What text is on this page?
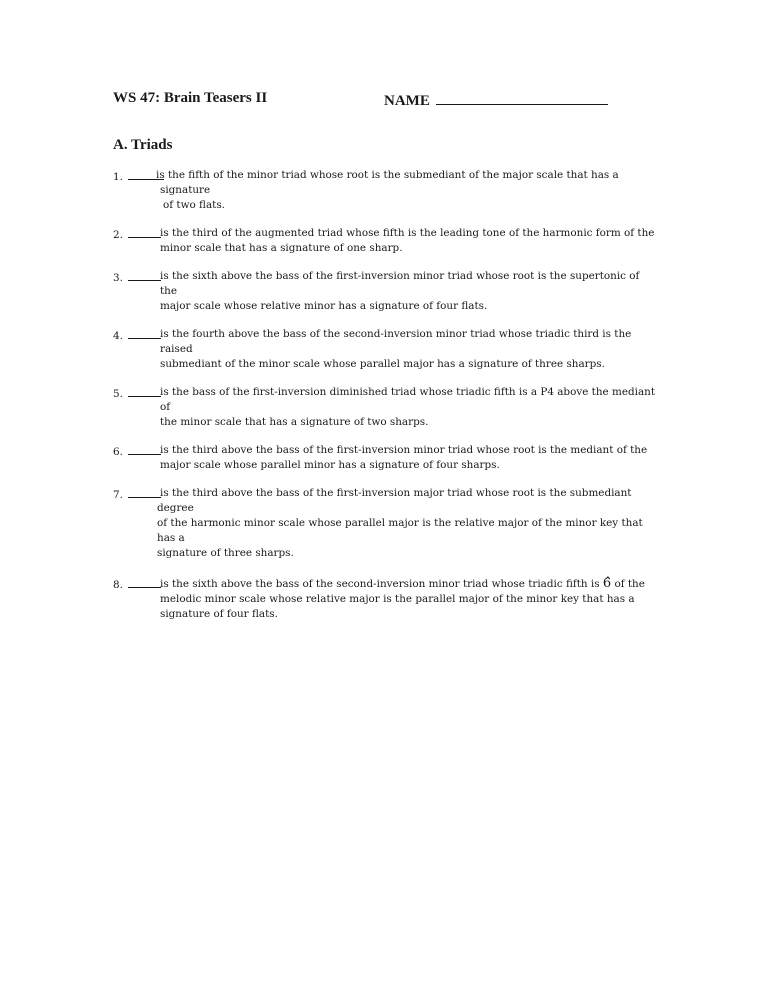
WS 47: Brain Teasers II	NAME
A. Triads
1.	is the fifth of the minor triad whose root is the submediant of the major scale that has a signature
of two flats.
2.	is the third of the augmented triad whose fifth is the leading tone of the harmonic form of the
minor scale that has a signature of one sharp.
3.	is the sixth above the bass of the first-inversion minor triad whose root is the supertonic of the
major scale whose relative minor has a signature of four flats.
4.	is the fourth above the bass of the second-inversion minor triad whose triadic third is the raised
submediant of the minor scale whose parallel major has a signature of three sharps.
5.	is the bass of the first-inversion diminished triad whose triadic fifth is a P4 above the mediant of
the minor scale that has a signature of two sharps.
6.	is the third above the bass of the first-inversion minor triad whose root is the mediant of the
major scale whose parallel minor has a signature of four sharps.
7.	is the third above the bass of the first-inversion major triad whose root is the submediant degree
of the harmonic minor scale whose parallel major is the relative major of the minor key that has a
signature of three sharps.
8.	is the sixth above the bass of the second-inversion minor triad whose triadic fifth is 6̂ of the
melodic minor scale whose relative major is the parallel major of the minor key that has a
signature of four flats.
